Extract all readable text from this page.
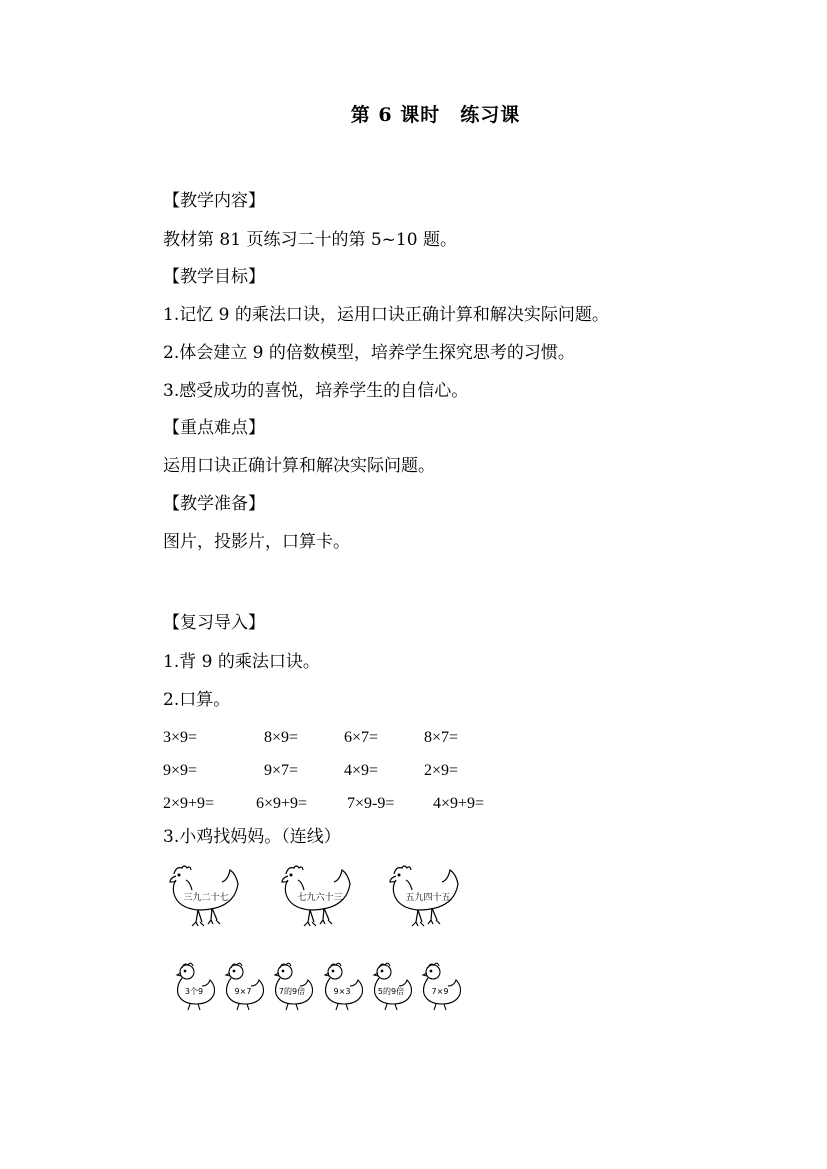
第 6 课时　练习课
【教学内容】
教材第 81 页练习二十的第 5~10 题。
【教学目标】
1.记忆 9 的乘法口诀，运用口诀正确计算和解决实际问题。
2.体会建立 9 的倍数模型，培养学生探究思考的习惯。
3.感受成功的喜悦，培养学生的自信心。
【重点难点】
运用口诀正确计算和解决实际问题。
【教学准备】
图片，投影片，口算卡。
【复习导入】
1.背 9 的乘法口诀。
2.口算。
3×9=	8×9=	6×7=	8×7=
9×9=	9×7=	4×9=	2×9=
2×9+9=	6×9+9= 7×9-9= 4×9+9=
3.小鸡找妈妈。（连线）
三九二十七	七九六十三	五九四十五
3个9	9×7	7的9倍	9×3	5的9倍	7×9
